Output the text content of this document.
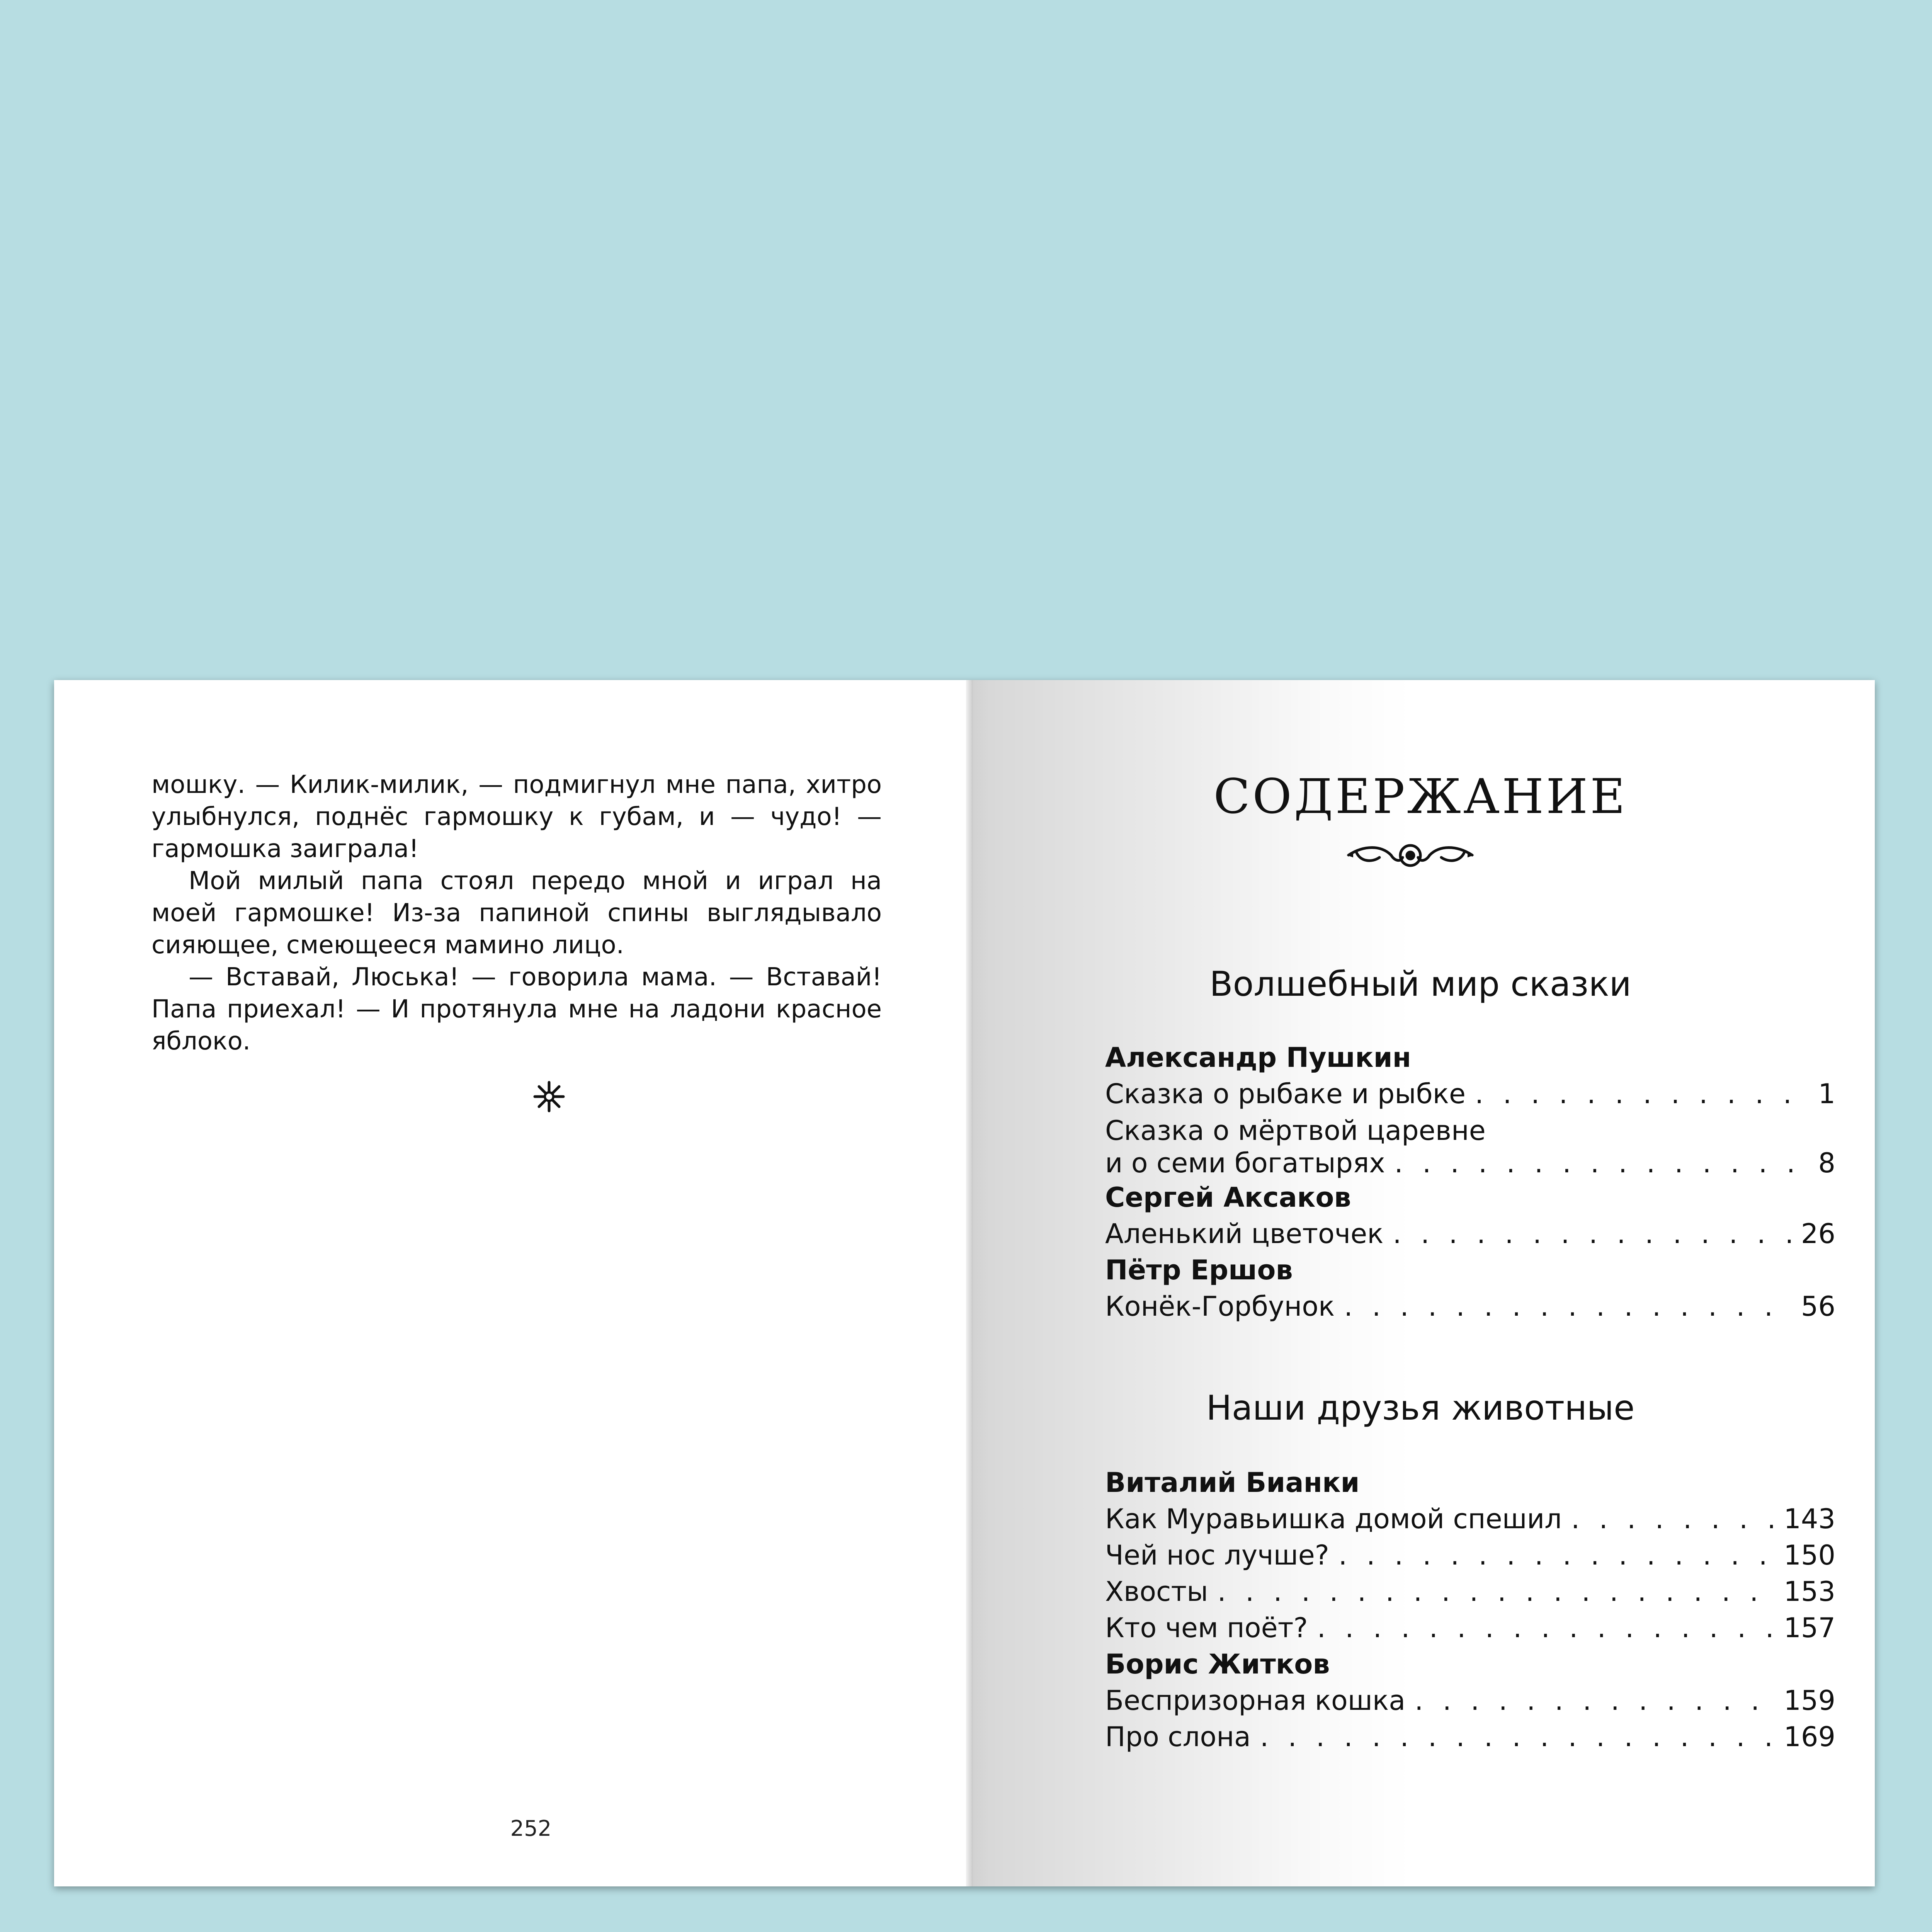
мошку. — Килик-милик, — подмигнул мне папа, хитро улыбнулся, поднёс гармошку к губам, и — чудо! — гармошка заиграла!

Мой милый папа стоял передо мной и играл на моей гармошке! Из-за папиной спины выглядывало сияющее, смеющееся мамино лицо.

— Вставай, Люська! — говорила мама. — Вставай! Папа приехал! — И протянула мне на ладони красное яблоко.

252
СОДЕРЖАНИЕ
Волшебный мир сказки
Александр Пушкин
Сказка о рыбаке и рыбке . . .	1
Сказка о мёртвой царевне
и о семи богатырях . . .	8
Сергей Аксаков
Аленький цветочек . . .	26
Пётр Ершов
Конёк-Горбунок . . .	56
Наши друзья животные
Виталий Бианки
Как Муравьишка домой спешил . . .	143
Чей нос лучше? . . .	150
Хвосты . . .	153
Кто чем поёт? . . .	157
Борис Житков
Беспризорная кошка . . .	159
Про слона . . .	169
